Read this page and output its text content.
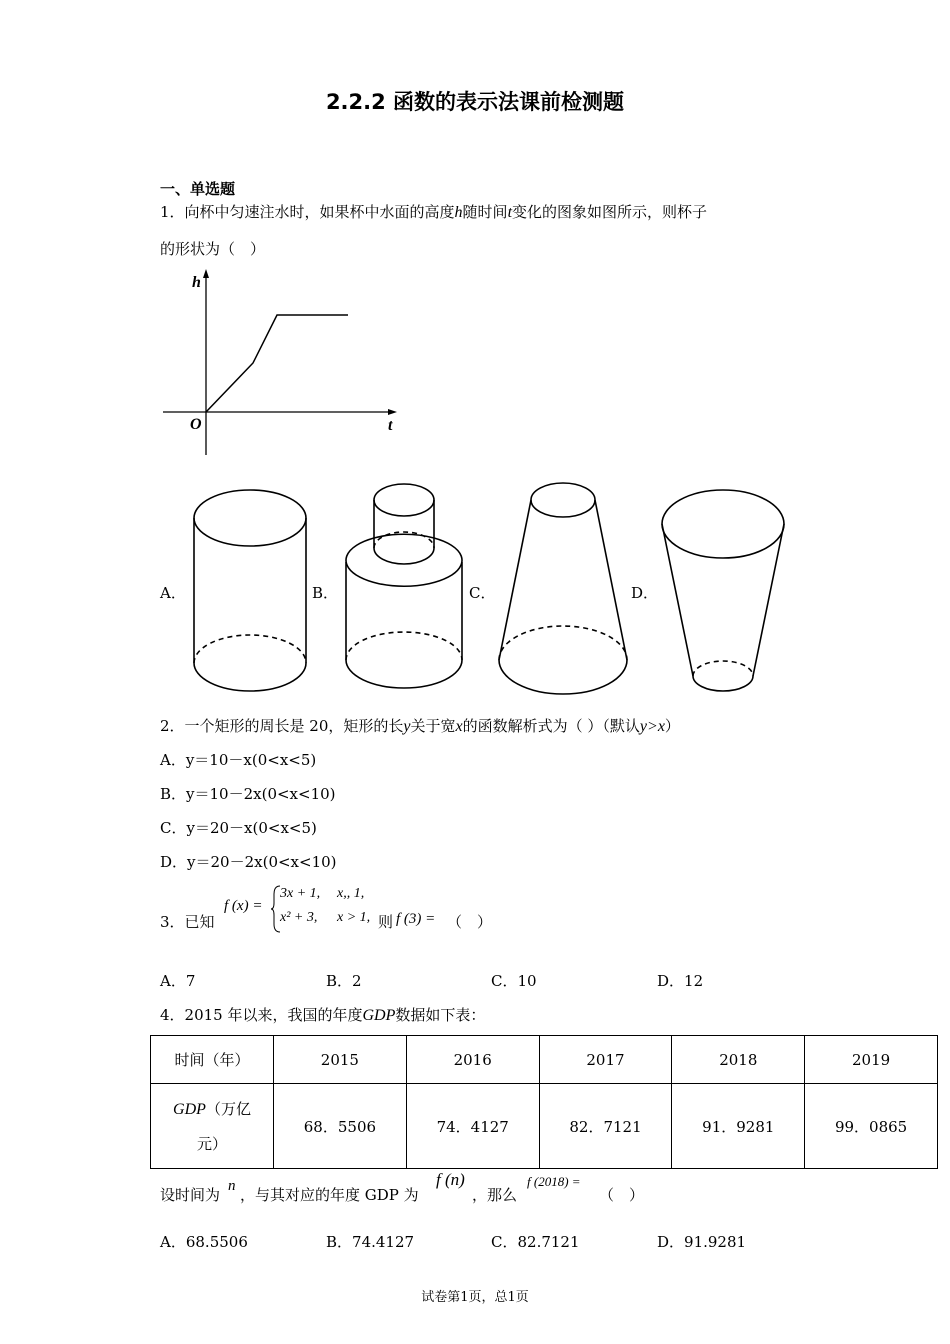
2.2.2 函数的表示法课前检测题
一、单选题
1．向杯中匀速注水时，如果杯中水面的高度h随时间t变化的图象如图所示，则杯子
的形状为（　）
h
t
O
A．	B．	C．	D．
2．一个矩形的周长是 20，矩形的长y关于宽x的函数解析式为（ ）（默认y>x）
A．y＝10－x(0<x<5)
B．y＝10－2x(0<x<10)
C．y＝20－x(0<x<5)
D．y＝20－2x(0<x<10)
3．已知
f (x) =
3x + 1, x,, 1,
x² + 3, x > 1, 则 f (3) = （　）
A．7	B．2	C．10	D．12
4．2015 年以来，我国的年度GDP数据如下表：
时间（年）	2015	2016	2017	2018	2019
GDP（万亿
元）	68．5506	74．4127	82．7121	91．9281	99．0865
设时间为 n ，与其对应的年度 GDP 为
f (n)
，那么
f (2018) =
（　）
A．68.5506	B．74.4127	C．82.7121	D．91.9281
试卷第1页，总1页
